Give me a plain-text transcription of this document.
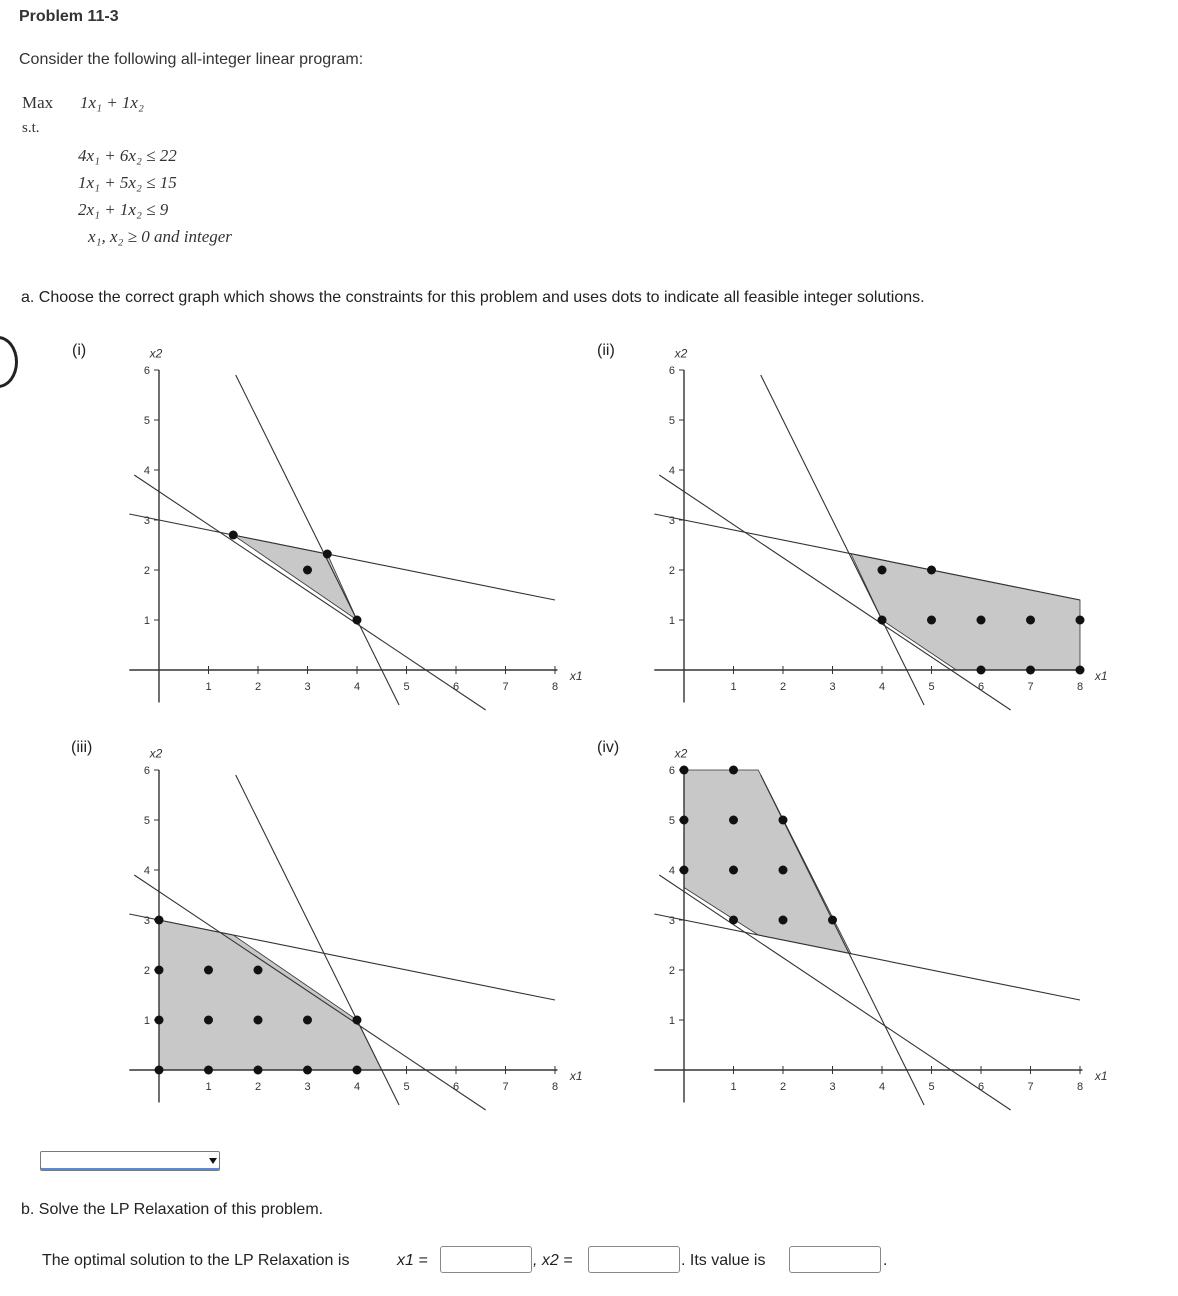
Problem 11-3
Consider the following all-integer linear program:
Max 1x₁ + 1x₂
s.t.
4x₁ + 6x₂ ≤ 22
1x₁ + 5x₂ ≤ 15
2x₁ + 1x₂ ≤ 9
x₁, x₂ ≥ 0 and integer
a. Choose the correct graph which shows the constraints for this problem and uses dots to indicate all feasible integer solutions.
(i)	(ii)
(iii)	(iv)
1	2	3	4	5	6	7	8
1
2
3
4
5
6
x1
x2
1	2	3	4	5	6	7	8
1
2
3
4
5
6
x1
x2
1	2	3	4	5	6	7	8
1
2
3
4
5
6
x1
x2
1	2	3	4	5	6	7	8
1
2
3
4
5
6
x1
x2
b. Solve the LP Relaxation of this problem.
The optimal solution to the LP Relaxation is	x1 =	, x2 =	. Its value is	.
